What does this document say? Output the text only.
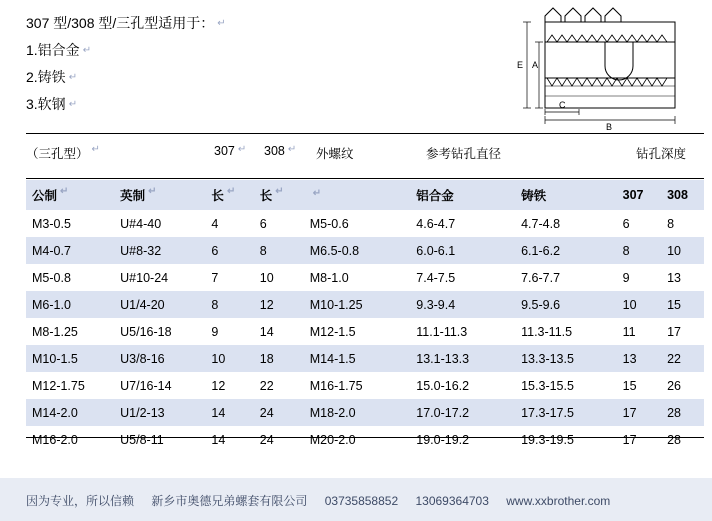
307 型/308 型/三孔型适用于： ↵
1.铝合金 ↵
2.铸铁 ↵
3.软钢 ↵
E A
B
C
（三孔型） ↵	307 ↵ 308 ↵ 外螺纹	参考钻孔直径	钻孔深度
公制 ↵	英制 ↵	长 ↵	长 ↵	↵	铝合金	铸铁	307	308
M3-0.5	U#4-40	4	6	M5-0.6	4.6-4.7	4.7-4.8	6	8
M4-0.7	U#8-32	6	8	M6.5-0.8	6.0-6.1	6.1-6.2	8	10
M5-0.8	U#10-24	7	10	M8-1.0	7.4-7.5	7.6-7.7	9	13
M6-1.0	U1/4-20	8	12	M10-1.25	9.3-9.4	9.5-9.6	10	15
M8-1.25	U5/16-18	9	14	M12-1.5	11.1-11.3	11.3-11.5	11	17
M10-1.5	U3/8-16	10	18	M14-1.5	13.1-13.3	13.3-13.5	13	22
M12-1.75	U7/16-14	12	22	M16-1.75	15.0-16.2	15.3-15.5	15	26
M14-2.0	U1/2-13	14	24	M18-2.0	17.0-17.2	17.3-17.5	17	28
M16-2.0	U5/8-11	14	24	M20-2.0	19.0-19.2	19.3-19.5	17	28
因为专业，所以信赖 新乡市奥德兄弟螺套有限公司 03735858852 13069364703 www.xxbrother.com
